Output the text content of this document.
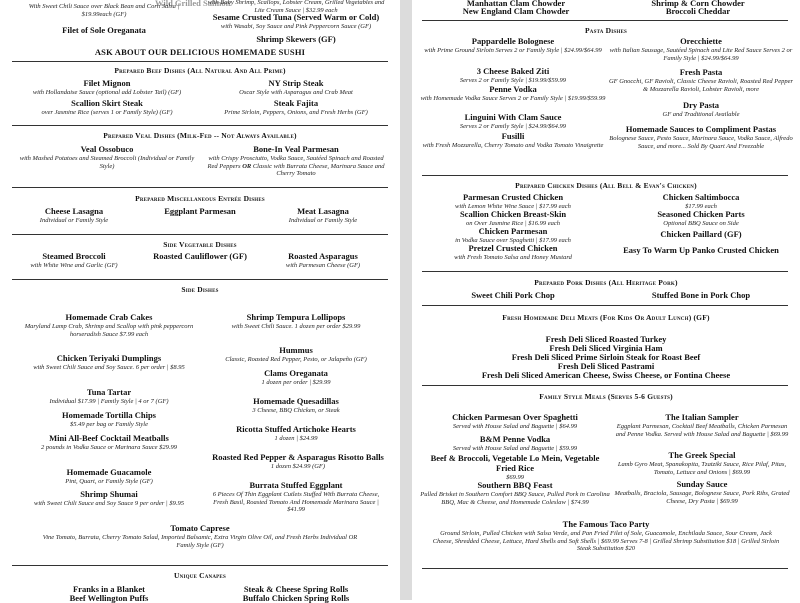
Wild Grilled Salmon
With Sweet Chili Sauce over Black Bean and Corn Salsa | $19.99each (GF)
Filet of Sole Oreganata
with Baby Shrimp, Scallops, Lobster Cream, Grilled Vegetables and Lite Cream Sauce | $32.99 each
Sesame Crusted Tuna (Served Warm or Cold)
with Wasabi, Soy Sauce and Pink Peppercorn Sauce (GF)
Shrimp Skewers (GF)
ASK ABOUT OUR DELICIOUS HOMEMADE SUSHI
Prepared Beef Dishes (All Natural And All Prime)
Filet Mignon
with Hollandaise Sauce (optional add Lobster Tail) (GF)
NY Strip Steak
Oscar Style with Asparagus and Crab Meat
Scallion Skirt Steak
over Jasmine Rice (serves 1 or Family Style) (GF)
Steak Fajita
Prime Sirloin, Peppers, Onions, and Fresh Herbs (GF)
Prepared Veal Dishes (Milk-Fed -- Not Always Available)
Veal Ossobuco
with Mashed Potatoes and Steamed Broccoli (Individual or Family Style)
Bone-In Veal Parmesan
with Crispy Prosciutto, Vodka Sauce, Sautéed Spinach and Roasted Red Peppers OR Classic with Burrata Cheese, Marinara Sauce and Cherry Tomato
Prepared Miscellaneous Entrée Dishes
Cheese Lasagna
Individual or Family Style
Eggplant Parmesan	Meat Lasagna
Individual or Family Style
Side Vegetable Dishes
Steamed Broccoli
with White Wine and Garlic (GF)
Roasted Cauliflower (GF)	Roasted Asparagus
with Parmesan Cheese (GF)
Side Dishes
Homemade Crab Cakes
Maryland Lamp Crab, Shrimp and Scallop with pink peppercorn horseradish Sauce $7.99 each
Chicken Teriyaki Dumplings
with Sweet Chili Sauce and Soy Sauce. 6 per order | $8.95
Tuna Tartar
Individual $17.99 | Family Style | 4 or 7 (GF)
Homemade Tortilla Chips
$5.49 per bag or Family Style
Mini All-Beef Cocktail Meatballs
2 pounds in Vodka Sauce or Marinara Sauce $29.99
Homemade Guacamole
Pint, Quart, or Family Style (GF)
Shrimp Shumai
with Sweet Chili Sauce and Soy Sauce 9 per order | $9.95
Shrimp Tempura Lollipops
with Sweet Chili Sauce. 1 dozen per order $29.99
Hummus
Classic, Roasted Red Pepper, Pesto, or Jalapeño (GF)
Clams Oreganata
1 dozen per order | $29.99
Homemade Quesadillas
3 Cheese, BBQ Chicken, or Steak
Ricotta Stuffed Artichoke Hearts
1 dozen | $24.99
Roasted Red Pepper & Asparagus Risotto Balls
1 dozen $24.99 (GF)
Burrata Stuffed Eggplant
6 Pieces Of Thin Eggplant Cutlets Stuffed With Burrata Cheese, Fresh Basil, Roasted Tomato And Homemade Marinara Sauce | $41.99
Tomato Caprese
Vine Tomato, Burrata, Cherry Tomato Salad, Imported Balsamic, Extra Virgin Olive Oil, and Fresh Herbs Individual OR Family Style (GF)
Unique Canapes
Franks in a Blanket
Beef Wellington Puffs
Steak & Cheese Spring Rolls
Buffalo Chicken Spring Rolls
Manhattan Clam Chowder
New England Clam Chowder
Shrimp & Corn Chowder
Broccoli Cheddar
Pasta Dishes
Pappardelle Bolognese
with Prime Ground Sirloin Serves 2 or Family Style | $24.99/$64.99
3 Cheese Baked Ziti
Serves 2 or Family Style | $19.99/$59.99
Penne Vodka
with Homemade Vodka Sauce Serves 2 or Family Style | $19.99/$59.99
Linguini With Clam Sauce
Serves 2 or Family Style | $24.99/$64.99
Fusilli
with Fresh Mozzarella, Cherry Tomato and Vodka Tomato Vinaigrette
Orecchiette
with Italian Sausage, Sautéed Spinach and Lite Red Sauce Serves 2 or Family Style | $24.99/$64.99
Fresh Pasta
GF Gnocchi, GF Ravioli, Classic Cheese Ravioli, Roasted Red Pepper & Mozzarella Ravioli, Lobster Ravioli, more
Dry Pasta
GF and Traditional Available
Homemade Sauces to Compliment Pastas
Bolognese Sauce, Pesto Sauce, Marinara Sauce, Vodka Sauce, Alfredo Sauce, and more... Sold By Quart And Freezable
Prepared Chicken Dishes (All Bell & Evan's Chicken)
Parmesan Crusted Chicken
with Lemon White Wine Sauce | $17.99 each
Scallion Chicken Breast-Skin
on Over Jasmine Rice | $16.99 each
Chicken Parmesan
in Vodka Sauce over Spaghetti | $17.99 each
Pretzel Crusted Chicken
with Fresh Tomato Salsa and Honey Mustard
Chicken Saltimbocca
$17.99 each
Seasoned Chicken Parts
Optional BBQ Sauce on Side
Chicken Paillard (GF)
Easy To Warm Up Panko Crusted Chicken
Prepared Pork Dishes (All Heritage Pork)
Sweet Chili Pork Chop	Stuffed Bone in Pork Chop
Fresh Homemade Deli Meats (For Kids Or Adult Lunch) (GF)
Fresh Deli Sliced Roasted Turkey
Fresh Deli Sliced Virginia Ham
Fresh Deli Sliced Prime Sirloin Steak for Roast Beef
Fresh Deli Sliced Pastrami
Fresh Deli Sliced American Cheese, Swiss Cheese, or Fontina Cheese
Family Style Meals (Serves 5-6 Guests)
Chicken Parmesan Over Spaghetti
Served with House Salad and Baguette | $64.99
B&M Penne Vodka
Served with House Salad and Baguette | $59.99
Beef & Broccoli, Vegetable Lo Mein, Vegetable Fried Rice
$69.99
Southern BBQ Feast
Pulled Brisket in Southern Comfort BBQ Sauce, Pulled Pork in Carolina BBQ, Mac & Cheese, and Homemade Coleslaw | $74.99
The Italian Sampler
Eggplant Parmesan, Cocktail Beef Meatballs, Chicken Parmesan and Penne Vodka. Served with House Salad and Baguette | $69.99
The Greek Special
Lamb Gyro Meat, Spanakopita, Tzatziki Sauce, Rice Pilaf, Pitas, Tomato, Lettuce and Onions | $69.99
Sunday Sauce
Meatballs, Braciola, Sausage, Bolognese Sauce, Pork Ribs, Grated Cheese, Dry Pasta | $69.99
The Famous Taco Party
Ground Sirloin, Pulled Chicken with Salsa Verde, and Pan Fried Filet of Sole, Guacamole, Enchilada Sauce, Sour Cream, Jack Cheese, Shredded Cheese, Lettuce, Hard Shells and Soft Shells | $69.99 Serves 7-8 | Grilled Shrimp Substitution $18 | Grilled Sirloin Steak Substitution $20
